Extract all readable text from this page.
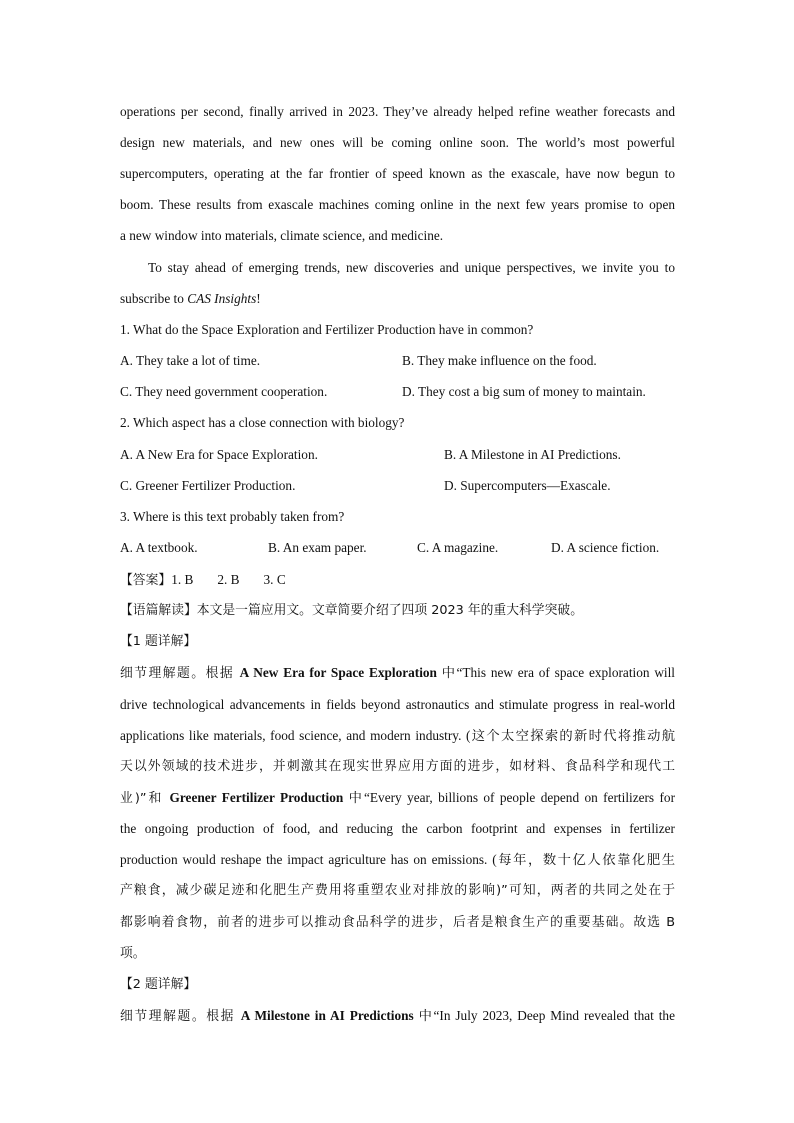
operations per second, finally arrived in 2023. They’ve already helped refine weather forecasts and
design new materials, and new ones will be coming online soon. The world’s most powerful
supercomputers, operating at the far frontier of speed known as the exascale, have now begun to
boom. These results from exascale machines coming online in the next few years promise to open
a new window into materials, climate science, and medicine.
To stay ahead of emerging trends, new discoveries and unique perspectives, we invite you to
subscribe to CAS Insights!
1. What do the Space Exploration and Fertilizer Production have in common?
A. They take a lot of time.	B. They make influence on the food.
C. They need government cooperation.	D. They cost a big sum of money to maintain.
2. Which aspect has a close connection with biology?
A. A New Era for Space Exploration.	B. A Milestone in AI Predictions.
C. Greener Fertilizer Production.	D. Supercomputers—Exascale.
3. Where is this text probably taken from?
A. A textbook.	B. An exam paper.	C. A magazine.	D. A science fiction.
【答案】1. B 2. B 3. C
【语篇解读】本文是一篇应用文。文章简要介绍了四项 2023 年的重大科学突破。
【1 题详解】
细节理解题。根据 A New Era for Space Exploration 中“This new era of space exploration will
drive technological advancements in fields beyond astronautics and stimulate progress in real-world
applications like materials, food science, and modern industry. (这个太空探索的新时代将推动航
天以外领域的技术进步，并刺激其在现实世界应用方面的进步，如材料、食品科学和现代工
业)”和 Greener Fertilizer Production 中“Every year, billions of people depend on fertilizers for
the ongoing production of food, and reducing the carbon footprint and expenses in fertilizer
production would reshape the impact agriculture has on emissions. (每年，数十亿人依靠化肥生
产粮食，减少碳足迹和化肥生产费用将重塑农业对排放的影响)”可知，两者的共同之处在于
都影响着食物，前者的进步可以推动食品科学的进步，后者是粮食生产的重要基础。故选 B
项。
【2 题详解】
细节理解题。根据 A Milestone in AI Predictions 中“In July 2023, Deep Mind revealed that the
